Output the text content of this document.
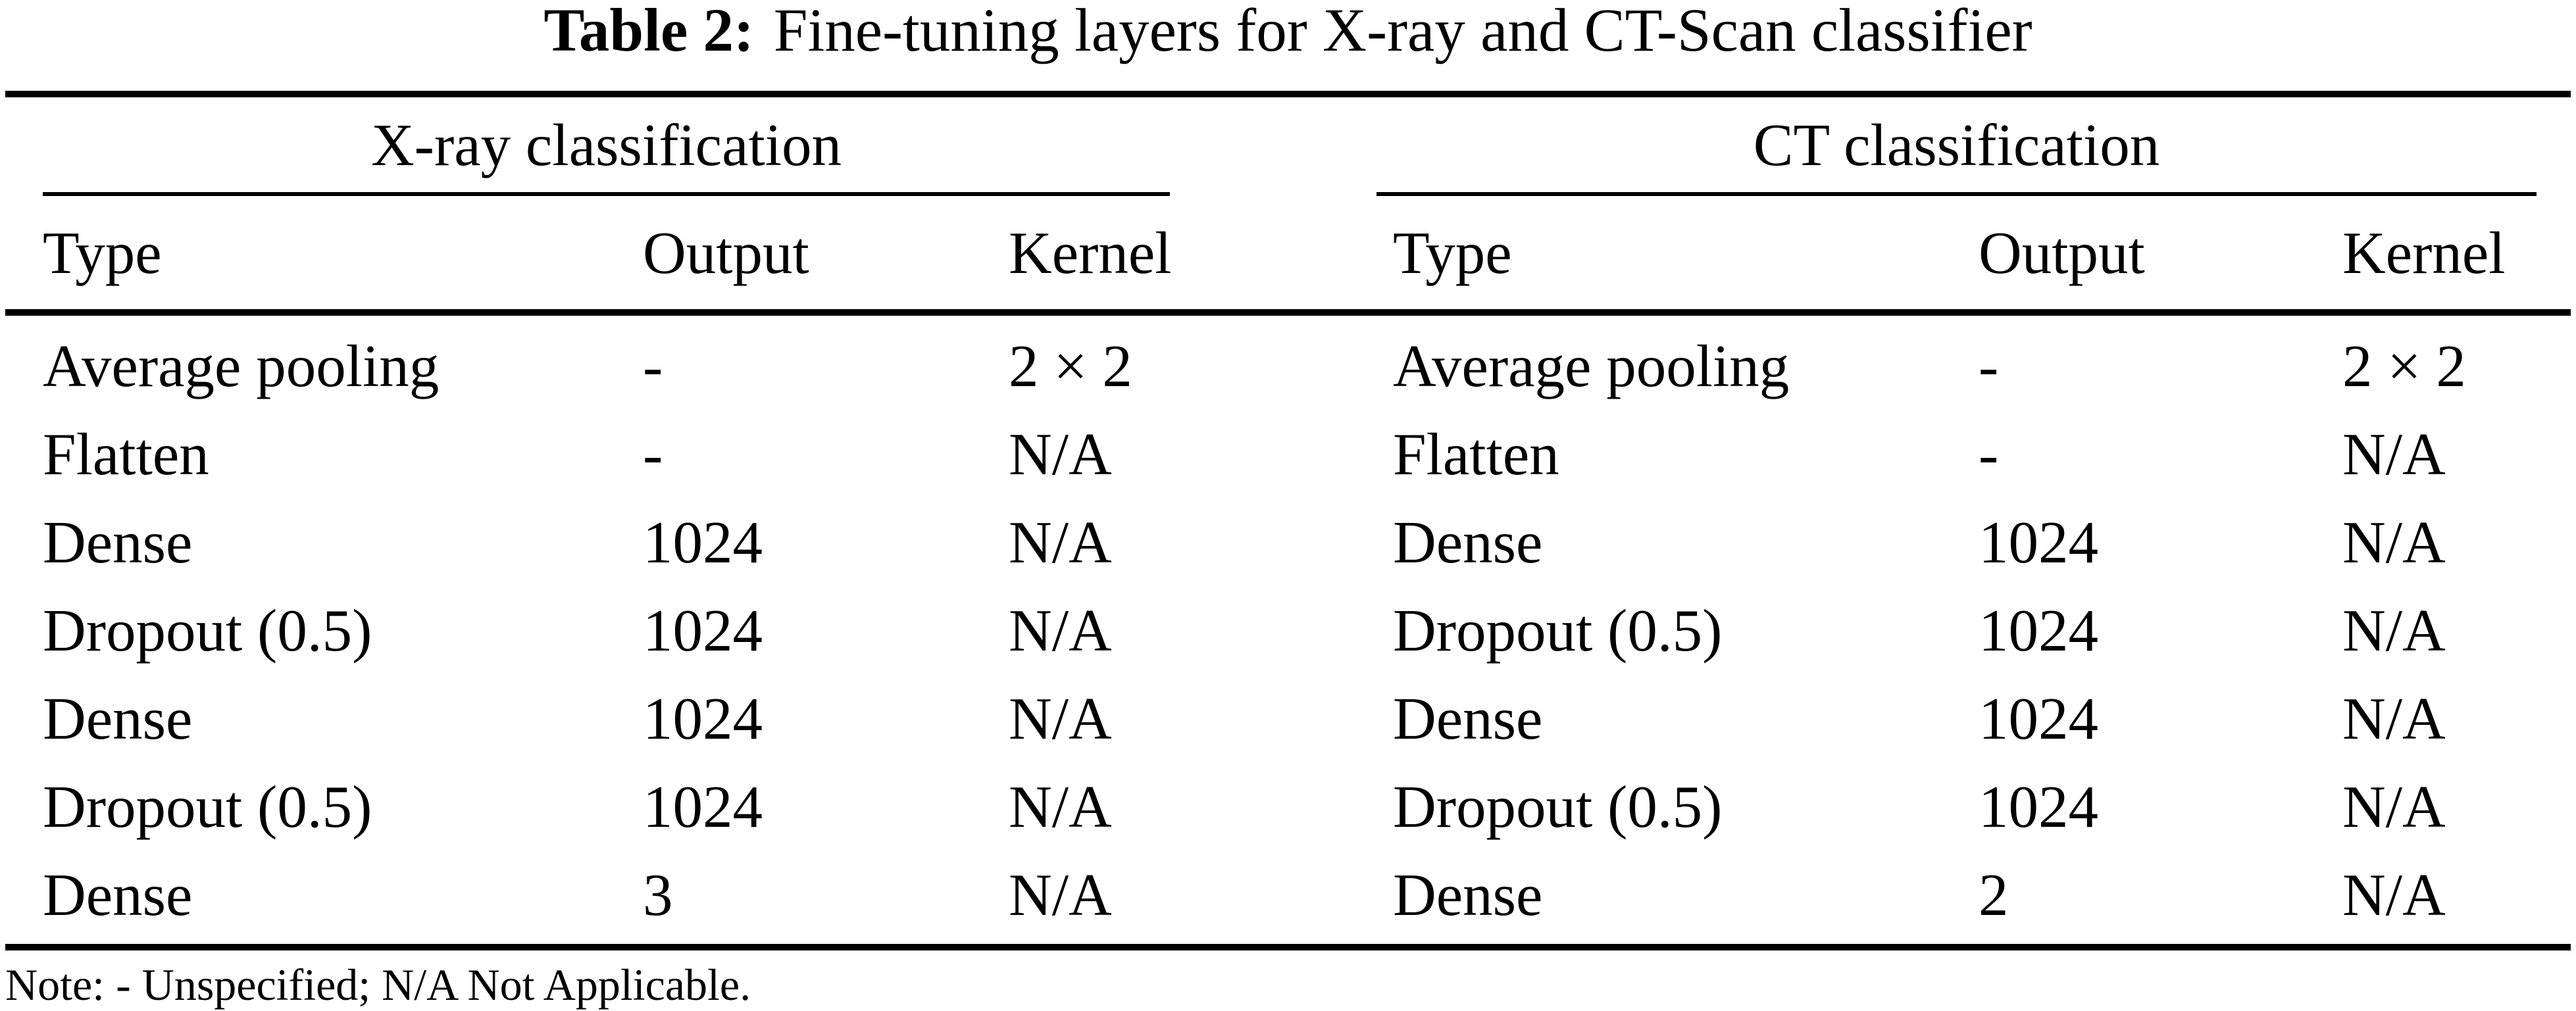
Table 2: Fine-tuning layers for X-ray and CT-Scan classifier
X-ray classification	CT classification
Type	Output	Kernel	Type	Output	Kernel
Average pooling	-	2 × 2	Average pooling	-	2 × 2
Flatten	-	N/A	Flatten	-	N/A
Dense	1024	N/A	Dense	1024	N/A
Dropout (0.5)	1024	N/A	Dropout (0.5)	1024	N/A
Dense	1024	N/A	Dense	1024	N/A
Dropout (0.5)	1024	N/A	Dropout (0.5)	1024	N/A
Dense	3	N/A	Dense	2	N/A
Note: - Unspecified; N/A Not Applicable.
